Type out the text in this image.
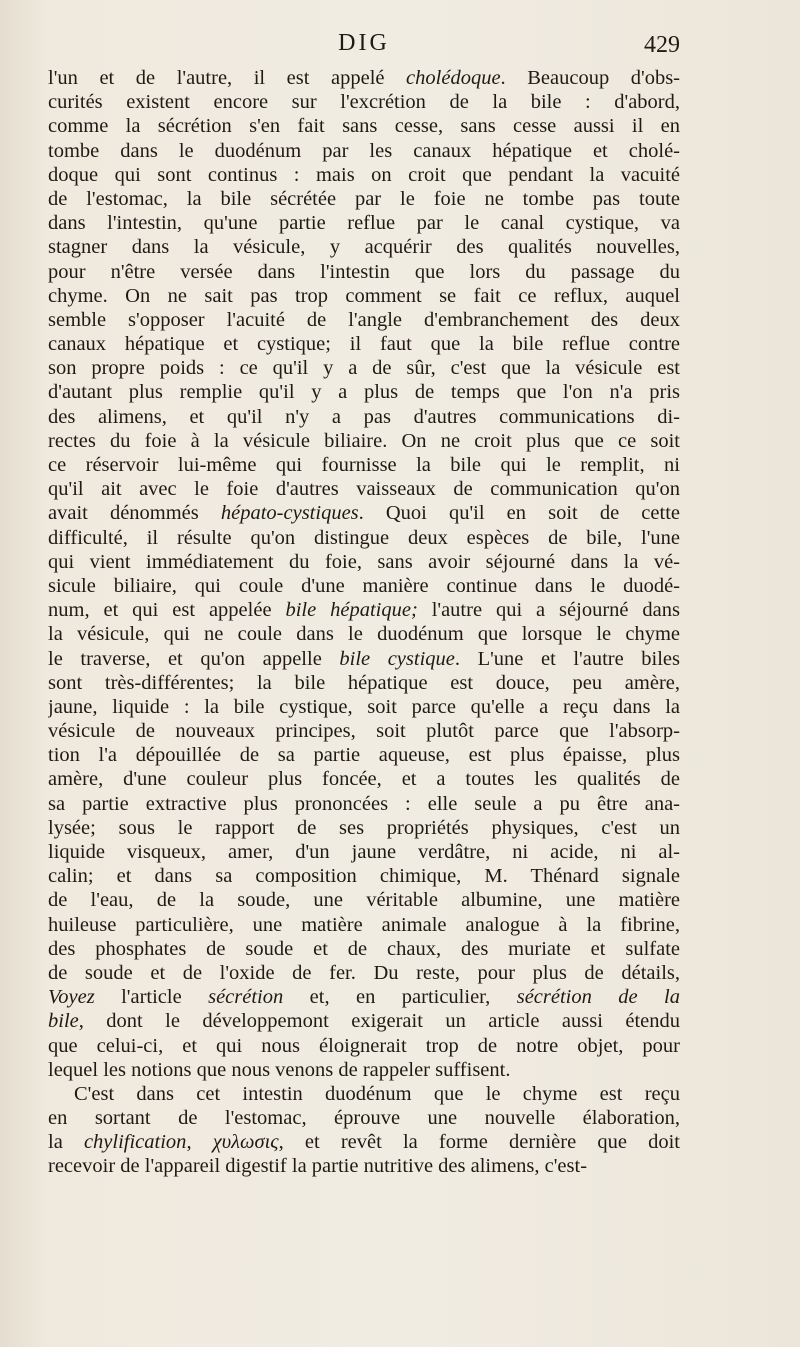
DIG	429
l'un et de l'autre, il est appelé cholédoque. Beaucoup d'obs-
curités existent encore sur l'excrétion de la bile : d'abord,
comme la sécrétion s'en fait sans cesse, sans cesse aussi il en
tombe dans le duodénum par les canaux hépatique et cholé-
doque qui sont continus : mais on croit que pendant la vacuité
de l'estomac, la bile sécrétée par le foie ne tombe pas toute
dans l'intestin, qu'une partie reflue par le canal cystique, va
stagner dans la vésicule, y acquérir des qualités nouvelles,
pour n'être versée dans l'intestin que lors du passage du
chyme. On ne sait pas trop comment se fait ce reflux, auquel
semble s'opposer l'acuité de l'angle d'embranchement des deux
canaux hépatique et cystique; il faut que la bile reflue contre
son propre poids : ce qu'il y a de sûr, c'est que la vésicule est
d'autant plus remplie qu'il y a plus de temps que l'on n'a pris
des alimens, et qu'il n'y a pas d'autres communications di-
rectes du foie à la vésicule biliaire. On ne croit plus que ce soit
ce réservoir lui-même qui fournisse la bile qui le remplit, ni
qu'il ait avec le foie d'autres vaisseaux de communication qu'on
avait dénommés hépato-cystiques. Quoi qu'il en soit de cette
difficulté, il résulte qu'on distingue deux espèces de bile, l'une
qui vient immédiatement du foie, sans avoir séjourné dans la vé-
sicule biliaire, qui coule d'une manière continue dans le duodé-
num, et qui est appelée bile hépatique; l'autre qui a séjourné dans
la vésicule, qui ne coule dans le duodénum que lorsque le chyme
le traverse, et qu'on appelle bile cystique. L'une et l'autre biles
sont très-différentes; la bile hépatique est douce, peu amère,
jaune, liquide : la bile cystique, soit parce qu'elle a reçu dans la
vésicule de nouveaux principes, soit plutôt parce que l'absorp-
tion l'a dépouillée de sa partie aqueuse, est plus épaisse, plus
amère, d'une couleur plus foncée, et a toutes les qualités de
sa partie extractive plus prononcées : elle seule a pu être ana-
lysée; sous le rapport de ses propriétés physiques, c'est un
liquide visqueux, amer, d'un jaune verdâtre, ni acide, ni al-
calin; et dans sa composition chimique, M. Thénard signale
de l'eau, de la soude, une véritable albumine, une matière
huileuse particulière, une matière animale analogue à la fibrine,
des phosphates de soude et de chaux, des muriate et sulfate
de soude et de l'oxide de fer. Du reste, pour plus de détails,
Voyez l'article sécrétion et, en particulier, sécrétion de la
bile, dont le développemont exigerait un article aussi étendu
que celui-ci, et qui nous éloignerait trop de notre objet, pour
lequel les notions que nous venons de rappeler suffisent.
C'est dans cet intestin duodénum que le chyme est reçu
en sortant de l'estomac, éprouve une nouvelle élaboration,
la chylification, χυλωσις, et revêt la forme dernière que doit
recevoir de l'appareil digestif la partie nutritive des alimens, c'est-
